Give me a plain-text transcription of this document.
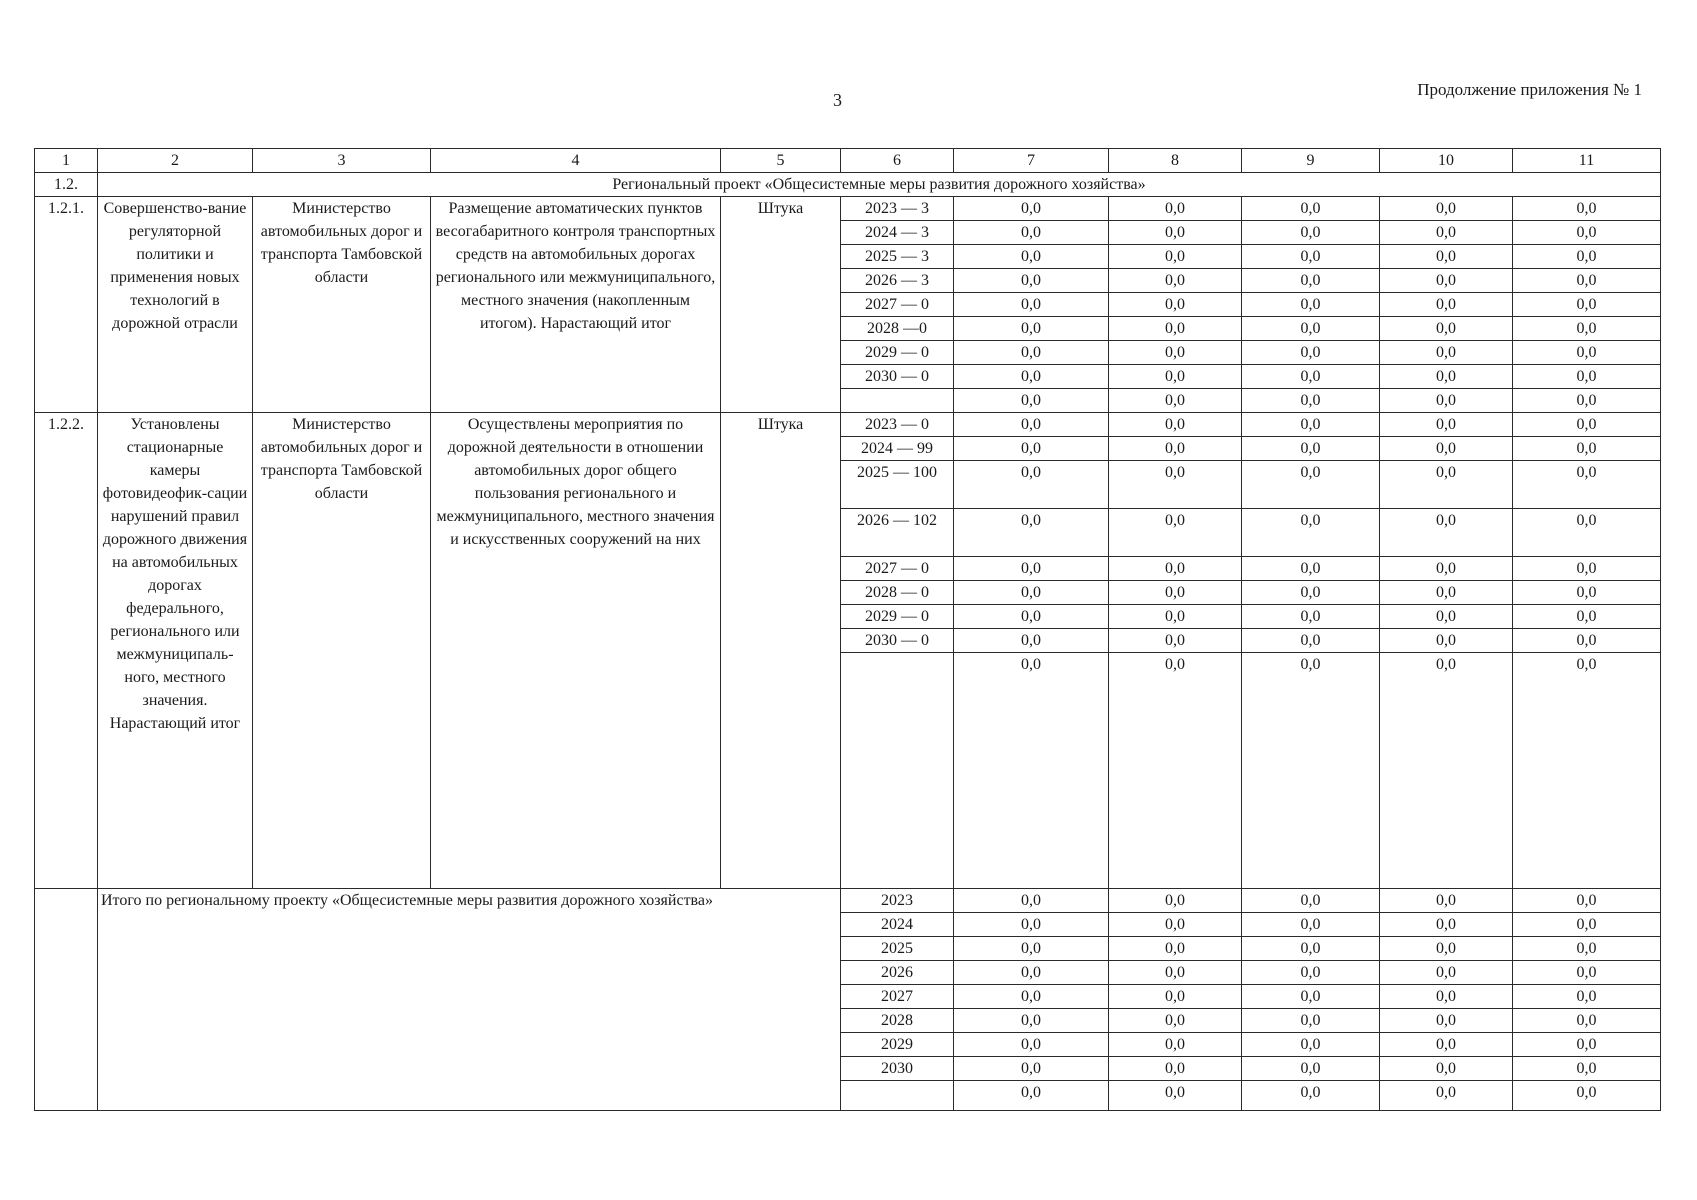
3
Продолжение приложения № 1
1	2	3	4	5	6	7	8	9	10	11
1.2.	Региональный проект «Общесистемные меры развития дорожного хозяйства»									
1.2.1.	Совершенство-вание регуляторной политики и применения новых технологий в дорожной отрасли	Министерство автомобильных дорог и транспорта Тамбовской области	Размещение автоматических пунктов весогабаритного контроля транспортных средств на автомобильных дорогах регионального или межмуниципального, местного значения (накопленным итогом). Нарастающий итог	Штука	2023 — 3	0,0	0,0	0,0	0,0	0,0
					2024 — 3	0,0	0,0	0,0	0,0	0,0
					2025 — 3	0,0	0,0	0,0	0,0	0,0
					2026 — 3	0,0	0,0	0,0	0,0	0,0
					2027 — 0	0,0	0,0	0,0	0,0	0,0
					2028 —0	0,0	0,0	0,0	0,0	0,0
					2029 — 0	0,0	0,0	0,0	0,0	0,0
					2030 — 0	0,0	0,0	0,0	0,0	0,0
						0,0	0,0	0,0	0,0	0,0
1.2.2.	Установлены стационарные камеры фотовидеофик-сации нарушений правил дорожного движения на автомобильных дорогах федерального, регионального или межмуниципаль-ного, местного значения. Нарастающий итог	Министерство автомобильных дорог и транспорта Тамбовской области	Осуществлены мероприятия по дорожной деятельности в отношении автомобильных дорог общего пользования регионального и межмуниципального, местного значения и искусственных сооружений на них	Штука	2023 — 0	0,0	0,0	0,0	0,0	0,0
					2024 — 99	0,0	0,0	0,0	0,0	0,0
					2025 — 100	0,0	0,0	0,0	0,0	0,0
					2026 — 102	0,0	0,0	0,0	0,0	0,0
					2027 — 0	0,0	0,0	0,0	0,0	0,0
					2028 — 0	0,0	0,0	0,0	0,0	0,0
					2029 — 0	0,0	0,0	0,0	0,0	0,0
					2030 — 0	0,0	0,0	0,0	0,0	0,0
						0,0	0,0	0,0	0,0	0,0
	Итого по региональному проекту «Общесистемные меры развития дорожного хозяйства»				2023	0,0	0,0	0,0	0,0	0,0
					2024	0,0	0,0	0,0	0,0	0,0
					2025	0,0	0,0	0,0	0,0	0,0
					2026	0,0	0,0	0,0	0,0	0,0
					2027	0,0	0,0	0,0	0,0	0,0
					2028	0,0	0,0	0,0	0,0	0,0
					2029	0,0	0,0	0,0	0,0	0,0
					2030	0,0	0,0	0,0	0,0	0,0
						0,0	0,0	0,0	0,0	0,0
